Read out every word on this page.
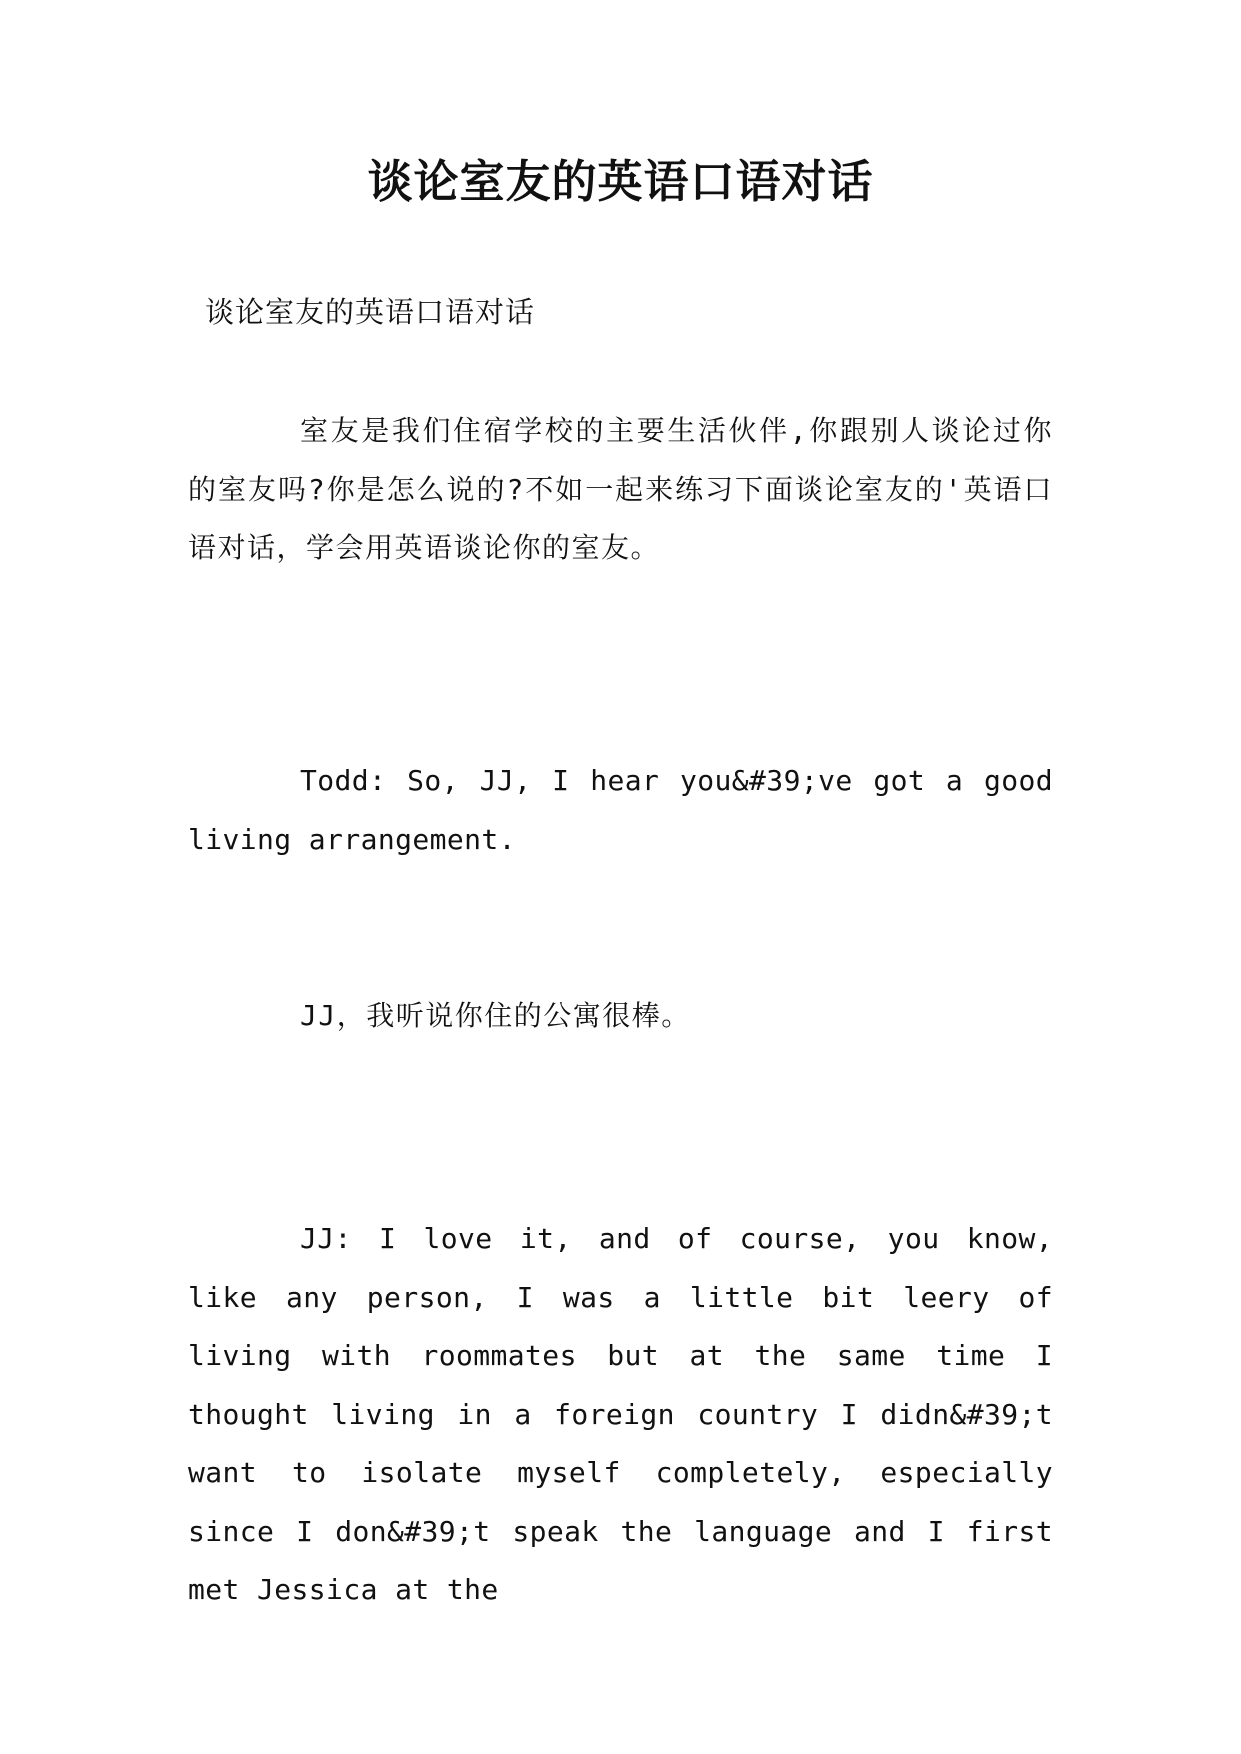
谈论室友的英语口语对话

谈论室友的英语口语对话

室友是我们住宿学校的主要生活伙伴,你跟别人谈论过你的室友吗?你是怎么说的?不如一起来练习下面谈论室友的'英语口语对话，学会用英语谈论你的室友。

Todd: So, JJ, I hear you&#39;ve got a good living arrangement.

JJ，我听说你住的公寓很棒。

JJ: I love it, and of course, you know, like any person, I was a little bit leery of living with roommates but at the same time I thought living in a foreign country I didn&#39;t want to isolate myself completely, especially since I don&#39;t speak the language and I first met Jessica at the
